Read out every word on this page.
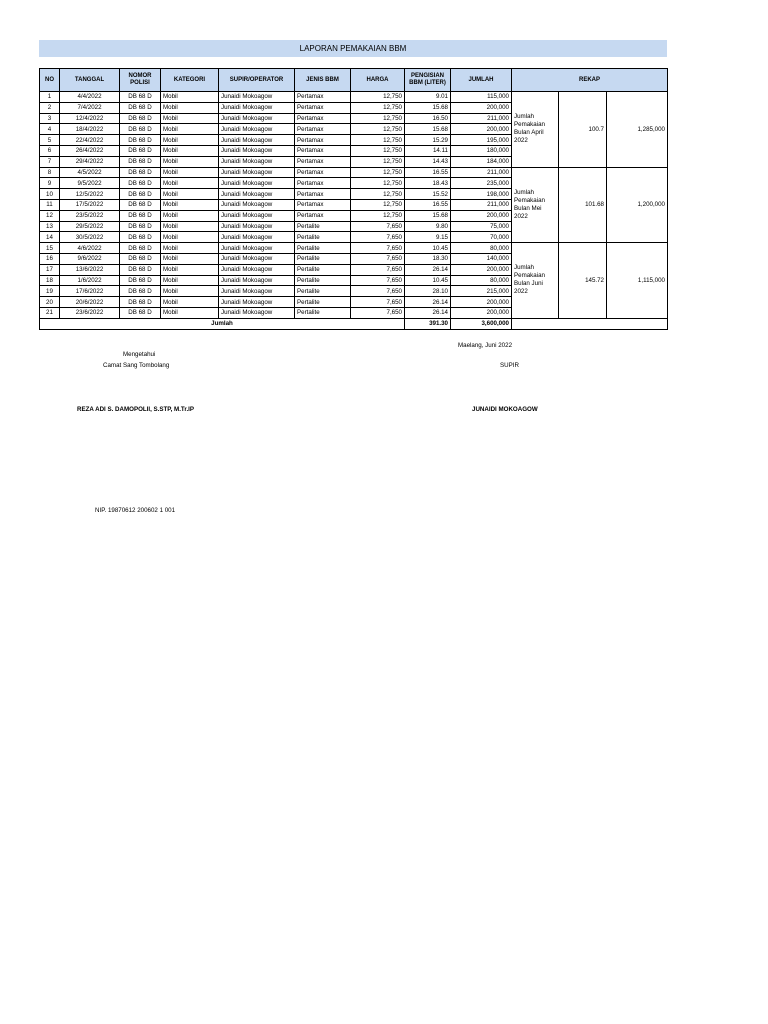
LAPORAN PEMAKAIAN BBM
NO	TANGGAL	NOMOR POLISI	KATEGORI	SUPIR/OPERATOR	JENIS BBM	HARGA	PENGISIAN BBM (LITER)	JUMLAH	REKAP		
1	4/4/2022	DB 68 D	Mobil	Junaidi Mokoagow	Pertamax	12,750	9.01	115,000	Jumlah Pemakaian Bulan April 2022	100.7	1,285,000
2	7/4/2022	DB 68 D	Mobil	Junaidi Mokoagow	Pertamax	12,750	15.68	200,000			
3	12/4/2022	DB 68 D	Mobil	Junaidi Mokoagow	Pertamax	12,750	16.50	211,000			
4	18/4/2022	DB 68 D	Mobil	Junaidi Mokoagow	Pertamax	12,750	15.68	200,000			
5	22/4/2022	DB 68 D	Mobil	Junaidi Mokoagow	Pertamax	12,750	15.29	195,000			
6	26/4/2022	DB 68 D	Mobil	Junaidi Mokoagow	Pertamax	12,750	14.11	180,000			
7	29/4/2022	DB 68 D	Mobil	Junaidi Mokoagow	Pertamax	12,750	14.43	184,000			
8	4/5/2022	DB 68 D	Mobil	Junaidi Mokoagow	Pertamax	12,750	16.55	211,000	Jumlah Pemakaian Bulan Mei 2022	101.68	1,200,000
9	9/5/2022	DB 68 D	Mobil	Junaidi Mokoagow	Pertamax	12,750	18.43	235,000			
10	12/5/2022	DB 68 D	Mobil	Junaidi Mokoagow	Pertamax	12,750	15.52	198,000			
11	17/5/2022	DB 68 D	Mobil	Junaidi Mokoagow	Pertamax	12,750	16.55	211,000			
12	23/5/2022	DB 68 D	Mobil	Junaidi Mokoagow	Pertamax	12,750	15.68	200,000			
13	29/5/2022	DB 68 D	Mobil	Junaidi Mokoagow	Pertalite	7,650	9.80	75,000			
14	30/5/2022	DB 68 D	Mobil	Junaidi Mokoagow	Pertalite	7,650	9.15	70,000			
15	4/6/2022	DB 68 D	Mobil	Junaidi Mokoagow	Pertalite	7,650	10.45	80,000	Jumlah Pemakaian Bulan Juni 2022	145.72	1,115,000
16	9/6/2022	DB 68 D	Mobil	Junaidi Mokoagow	Pertalite	7,650	18.30	140,000			
17	13/6/2022	DB 68 D	Mobil	Junaidi Mokoagow	Pertalite	7,650	26.14	200,000			
18	1/6/2022	DB 68 D	Mobil	Junaidi Mokoagow	Pertalite	7,650	10.45	80,000			
19	17/6/2022	DB 68 D	Mobil	Junaidi Mokoagow	Pertalite	7,650	28.10	215,000			
20	20/6/2022	DB 68 D	Mobil	Junaidi Mokoagow	Pertalite	7,650	26.14	200,000			
21	23/6/2022	DB 68 D	Mobil	Junaidi Mokoagow	Pertalite	7,650	26.14	200,000			
Jumlah							391.30	3,600,000			
Maelang, Juni 2022
Mengetahui
Camat Sang Tombolang	SUPIR
REZA ADI S. DAMOPOLII, S.STP, M.Tr.IP	JUNAIDI MOKOAGOW
NIP. 19870612 200602 1 001
